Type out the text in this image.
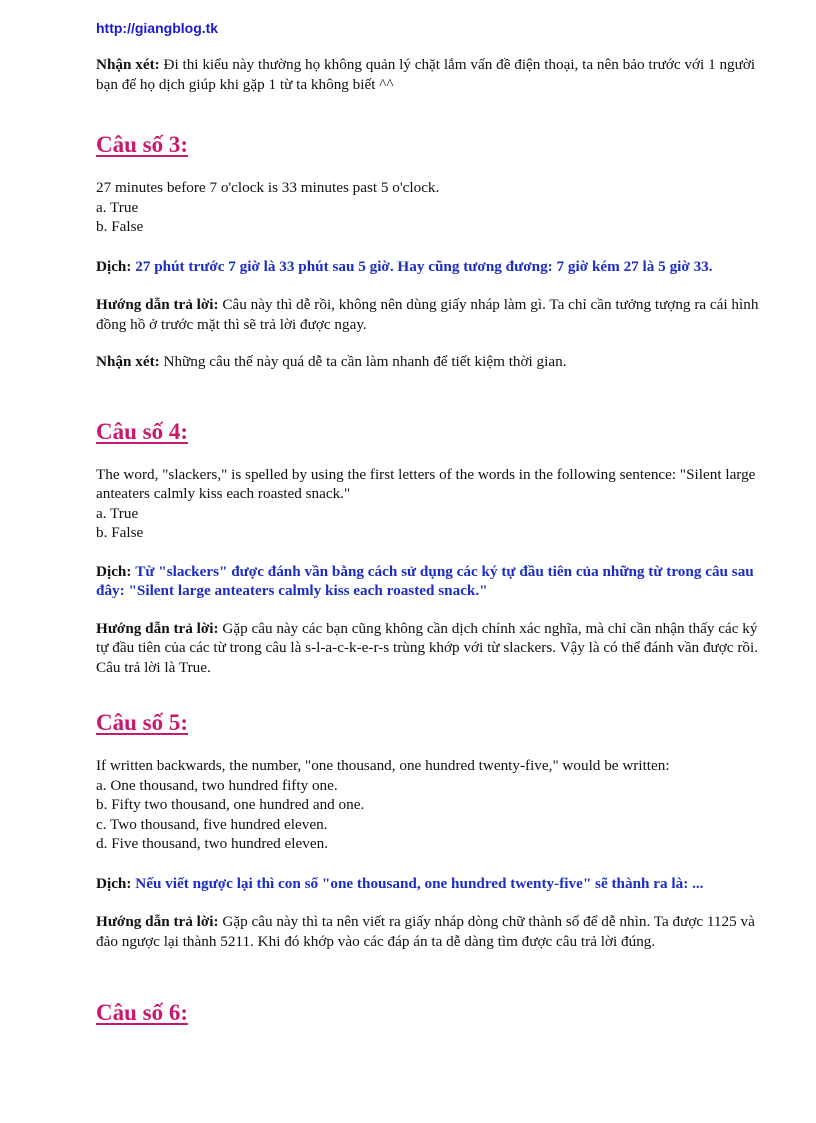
http://giangblog.tk

Nhận xét: Đi thi kiểu này thường họ không quản lý chặt lắm vấn đề điện thoại, ta nên bảo trước với 1 người bạn để họ dịch giúp khi gặp 1 từ ta không biết ^^

Câu số 3:
27 minutes before 7 o'clock is 33 minutes past 5 o'clock.
a. True
b. False

Dịch: 27 phút trước 7 giờ là 33 phút sau 5 giờ. Hay cũng tương đương: 7 giờ kém 27 là 5 giờ 33.

Hướng dẫn trả lời: Câu này thì dễ rồi, không nên dùng giấy nháp làm gì. Ta chỉ cần tưởng tượng ra cái hình đồng hồ ở trước mặt thì sẽ trả lời được ngay.

Nhận xét: Những câu thế này quá dễ ta cần làm nhanh để tiết kiệm thời gian.

Câu số 4:
The word, "slackers," is spelled by using the first letters of the words in the following sentence: "Silent large anteaters calmly kiss each roasted snack."
a. True
b. False

Dịch: Từ "slackers" được đánh vần bằng cách sử dụng các ký tự đầu tiên của những từ trong câu sau đây: "Silent large anteaters calmly kiss each roasted snack."

Hướng dẫn trả lời: Gặp câu này các bạn cũng không cần dịch chính xác nghĩa, mà chỉ cần nhận thấy các ký tự đầu tiên của các từ trong câu là s-l-a-c-k-e-r-s trùng khớp với từ slackers. Vậy là có thể đánh vần được rồi. Câu trả lời là True.

Câu số 5:
If written backwards, the number, "one thousand, one hundred twenty-five," would be written:
a. One thousand, two hundred fifty one.
b. Fifty two thousand, one hundred and one.
c. Two thousand, five hundred eleven.
d. Five thousand, two hundred eleven.

Dịch: Nếu viết ngược lại thì con số "one thousand, one hundred twenty-five" sẽ thành ra là: ...

Hướng dẫn trả lời: Gặp câu này thì ta nên viết ra giấy nháp dòng chữ thành số để dễ nhìn. Ta được 1125 và đảo ngược lại thành 5211. Khi đó khớp vào các đáp án ta dễ dàng tìm được câu trả lời đúng.

Câu số 6:
